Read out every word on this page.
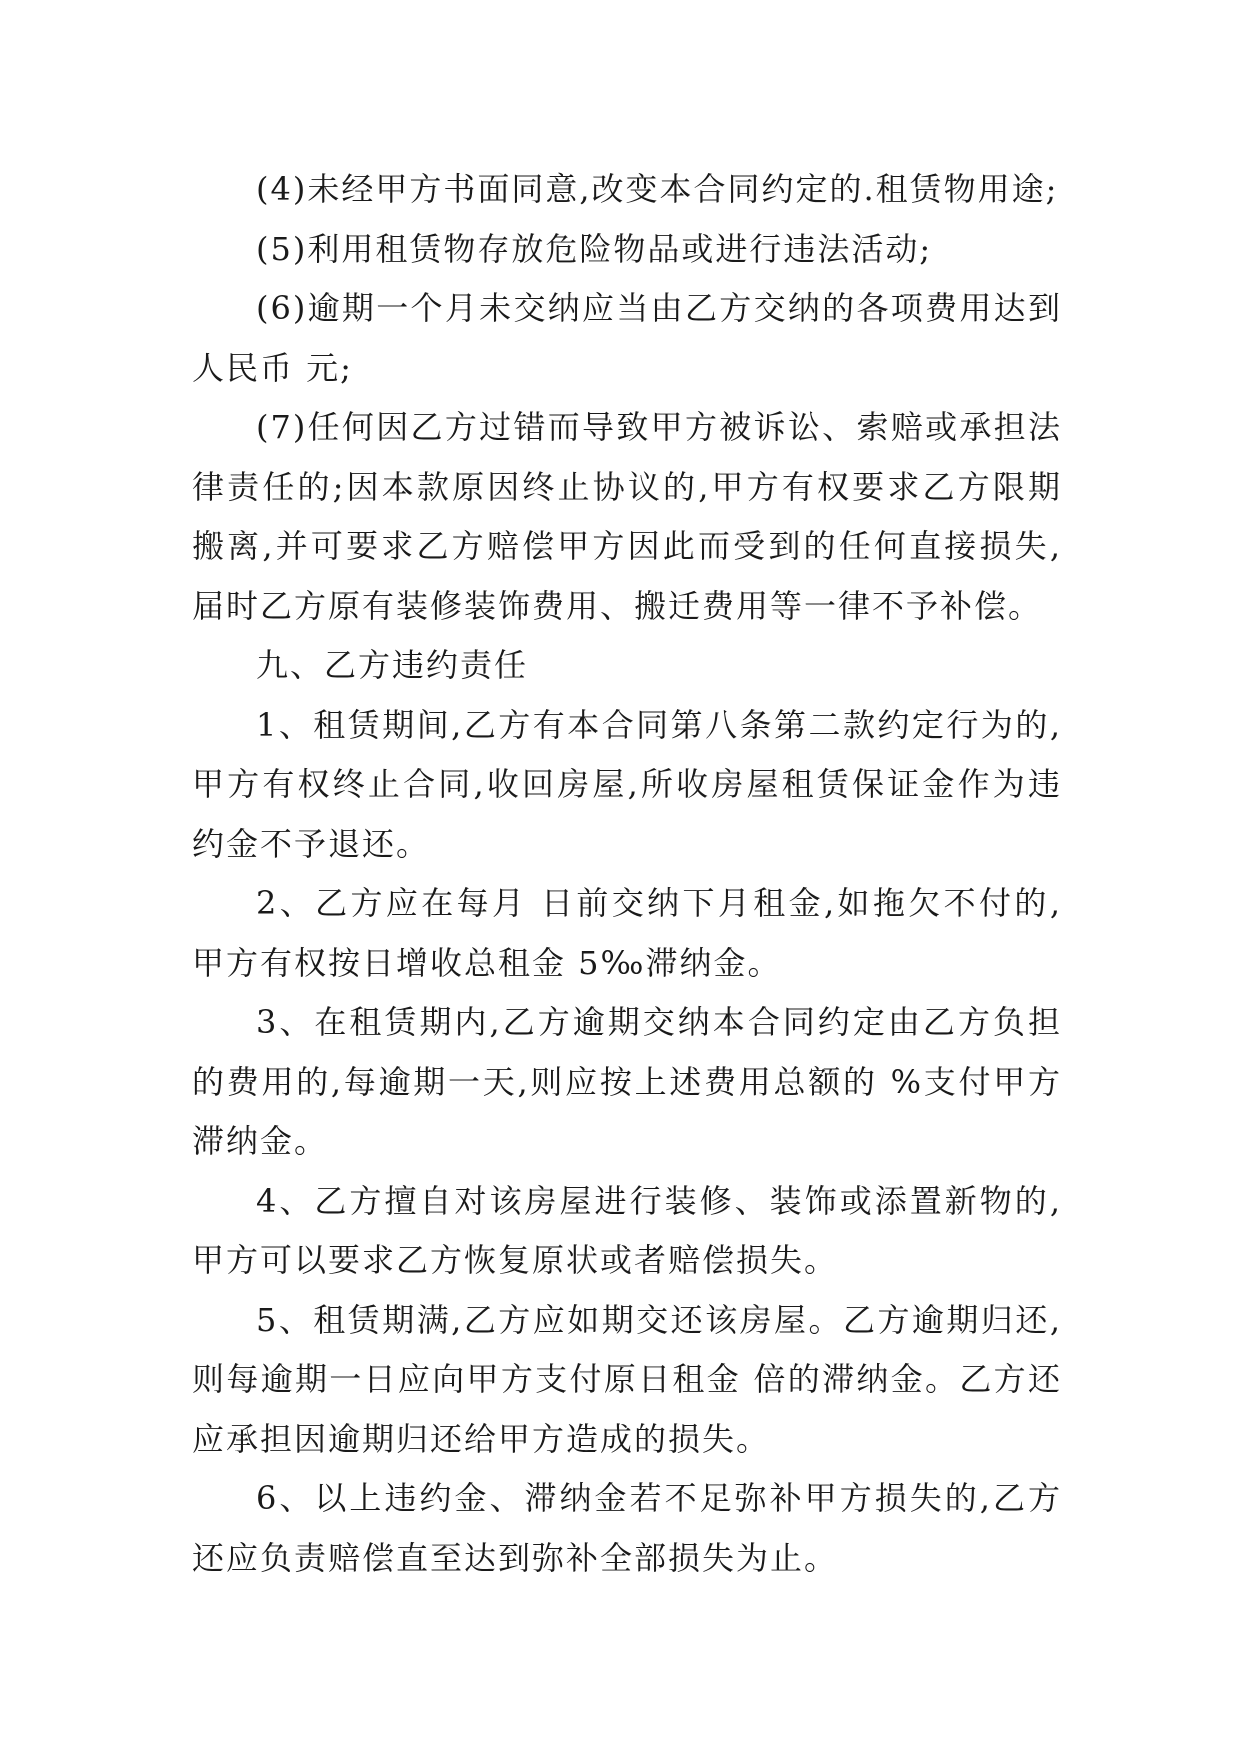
(4)未经甲方书面同意,改变本合同约定的.租赁物用途;

(5)利用租赁物存放危险物品或进行违法活动;

(6)逾期一个月未交纳应当由乙方交纳的各项费用达到人民币 元;

(7)任何因乙方过错而导致甲方被诉讼、索赔或承担法律责任的;因本款原因终止协议的,甲方有权要求乙方限期搬离,并可要求乙方赔偿甲方因此而受到的任何直接损失,届时乙方原有装修装饰费用、搬迁费用等一律不予补偿。

九、乙方违约责任

1、租赁期间,乙方有本合同第八条第二款约定行为的,甲方有权终止合同,收回房屋,所收房屋租赁保证金作为违约金不予退还。

2、乙方应在每月 日前交纳下月租金,如拖欠不付的,甲方有权按日增收总租金 5‰滞纳金。

3、在租赁期内,乙方逾期交纳本合同约定由乙方负担的费用的,每逾期一天,则应按上述费用总额的 %支付甲方滞纳金。

4、乙方擅自对该房屋进行装修、装饰或添置新物的,甲方可以要求乙方恢复原状或者赔偿损失。

5、租赁期满,乙方应如期交还该房屋。乙方逾期归还,则每逾期一日应向甲方支付原日租金 倍的滞纳金。乙方还应承担因逾期归还给甲方造成的损失。

6、以上违约金、滞纳金若不足弥补甲方损失的,乙方还应负责赔偿直至达到弥补全部损失为止。
